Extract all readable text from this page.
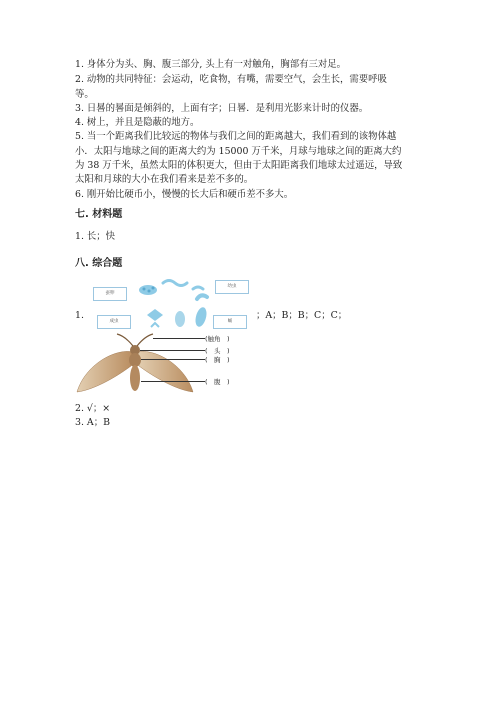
1. 身体分为头、胸、腹三部分, 头上有一对触角，胸部有三对足。
2. 动物的共同特征：会运动，吃食物，有嘴，需要空气，会生长，需要呼吸
等。
3. 日晷的晷面是倾斜的，上面有字；日晷．是利用光影来计时的仪器。
4. 树上，并且是隐蔽的地方。
5. 当一个距离我们比较远的物体与我们之间的距离越大，我们看到的该物体越
小．太阳与地球之间的距离大约为 15000 万千米，月球与地球之间的距离大约
为 38 万千米，虽然太阳的体积更大，但由于太阳距离我们地球太过遥远，导致
太阳和月球的大小在我们看来是差不多的。
6. 刚开始比硬币小，慢慢的长大后和硬币差不多大。
七. 材料题
1. 长；快
八. 综合题
1.
蚕卵
幼虫
成虫	蛹
；A；B；B；C；C；
(触角　)
(　头　)
(　胸　)
(　腹　)
2. √；×
3. A；B
